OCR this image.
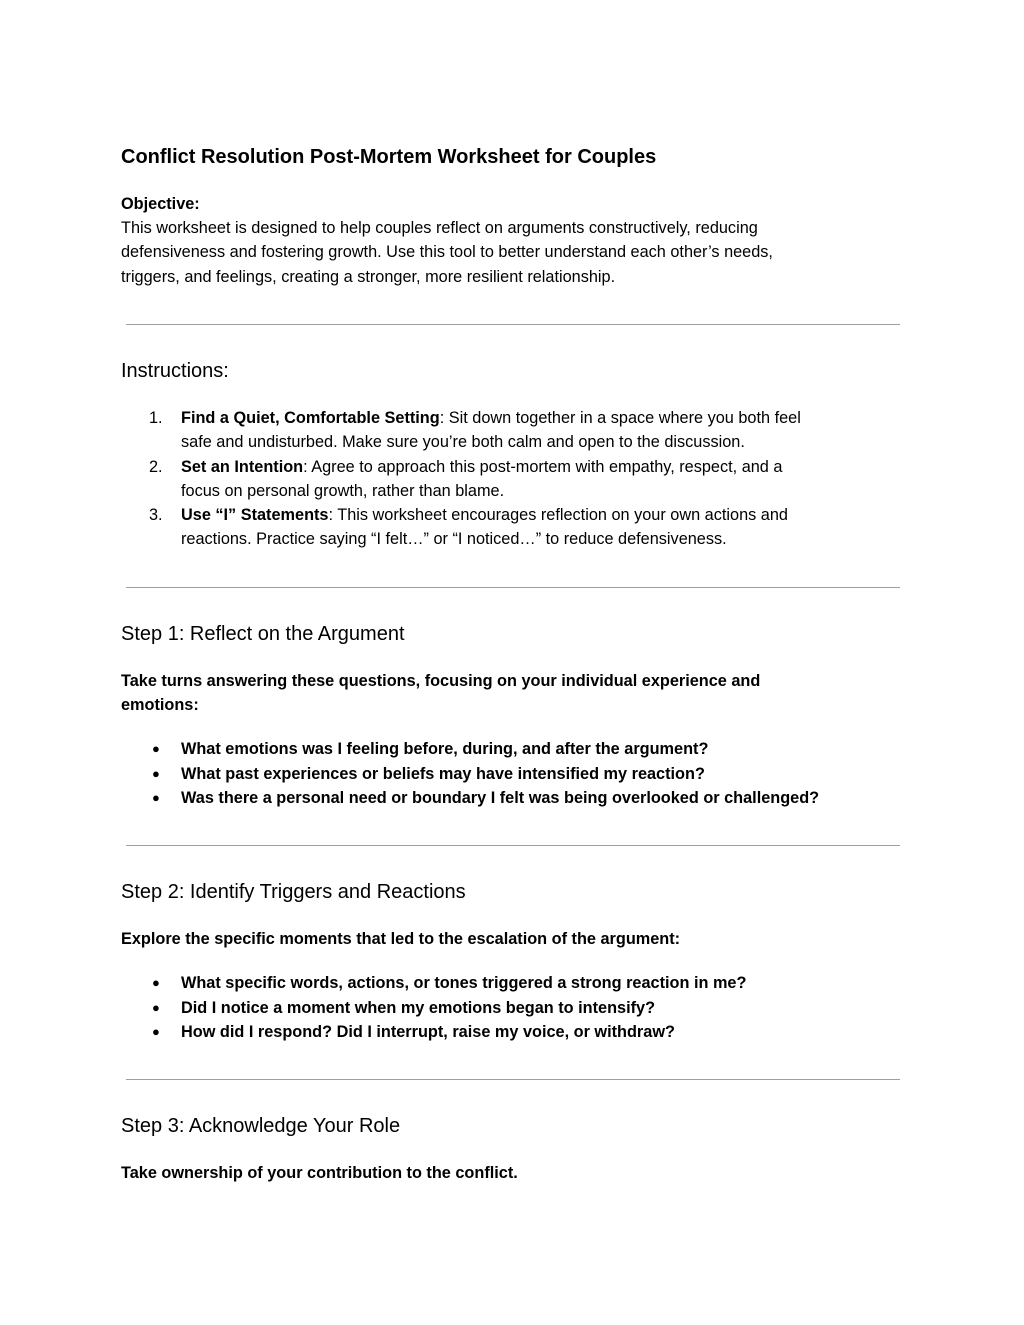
Conflict Resolution Post-Mortem Worksheet for Couples
Objective:
This worksheet is designed to help couples reflect on arguments constructively, reducing
defensiveness and fostering growth. Use this tool to better understand each other’s needs,
triggers, and feelings, creating a stronger, more resilient relationship.
Instructions:
1.	Find a Quiet, Comfortable Setting: Sit down together in a space where you both feel
safe and undisturbed. Make sure you’re both calm and open to the discussion.
2.	Set an Intention: Agree to approach this post-mortem with empathy, respect, and a
focus on personal growth, rather than blame.
3.	Use “I” Statements: This worksheet encourages reflection on your own actions and
reactions. Practice saying “I felt…” or “I noticed…” to reduce defensiveness.
Step 1: Reflect on the Argument
Take turns answering these questions, focusing on your individual experience and
emotions:
●	What emotions was I feeling before, during, and after the argument?
●	What past experiences or beliefs may have intensified my reaction?
●	Was there a personal need or boundary I felt was being overlooked or challenged?
Step 2: Identify Triggers and Reactions
Explore the specific moments that led to the escalation of the argument:
●	What specific words, actions, or tones triggered a strong reaction in me?
●	Did I notice a moment when my emotions began to intensify?
●	How did I respond? Did I interrupt, raise my voice, or withdraw?
Step 3: Acknowledge Your Role
Take ownership of your contribution to the conflict.
